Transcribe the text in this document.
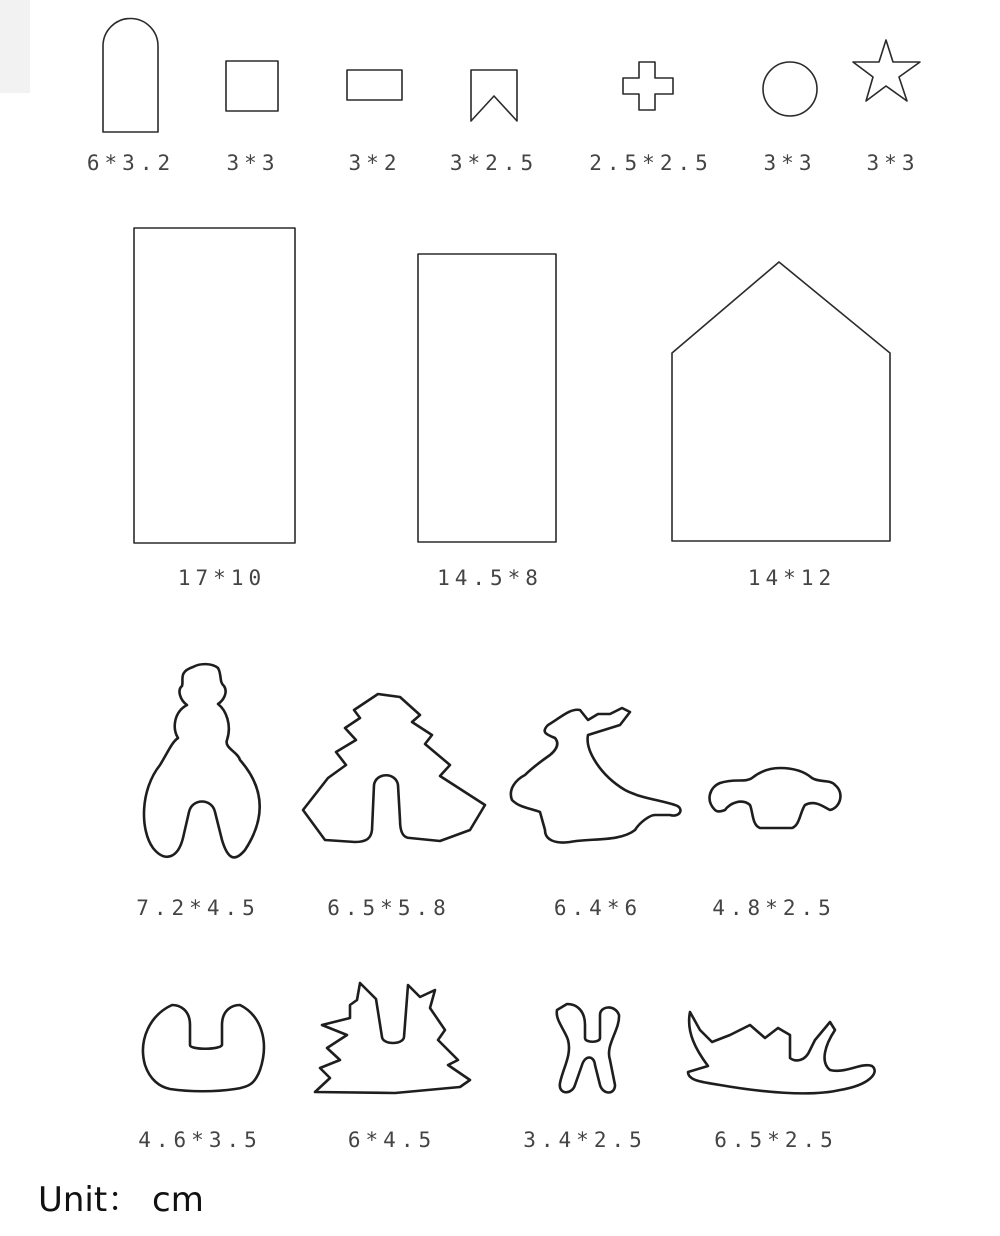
6*3.2 3*3	3*2 3*2.5 2.5*2.5 3*3 3*3
17*10	14.5*8	14*12
7.2*4.5	6.5*5.8	6.4*6	4.8*2.5
4.6*3.5	6*4.5	3.4*2.5	6.5*2.5
Unit： cm
